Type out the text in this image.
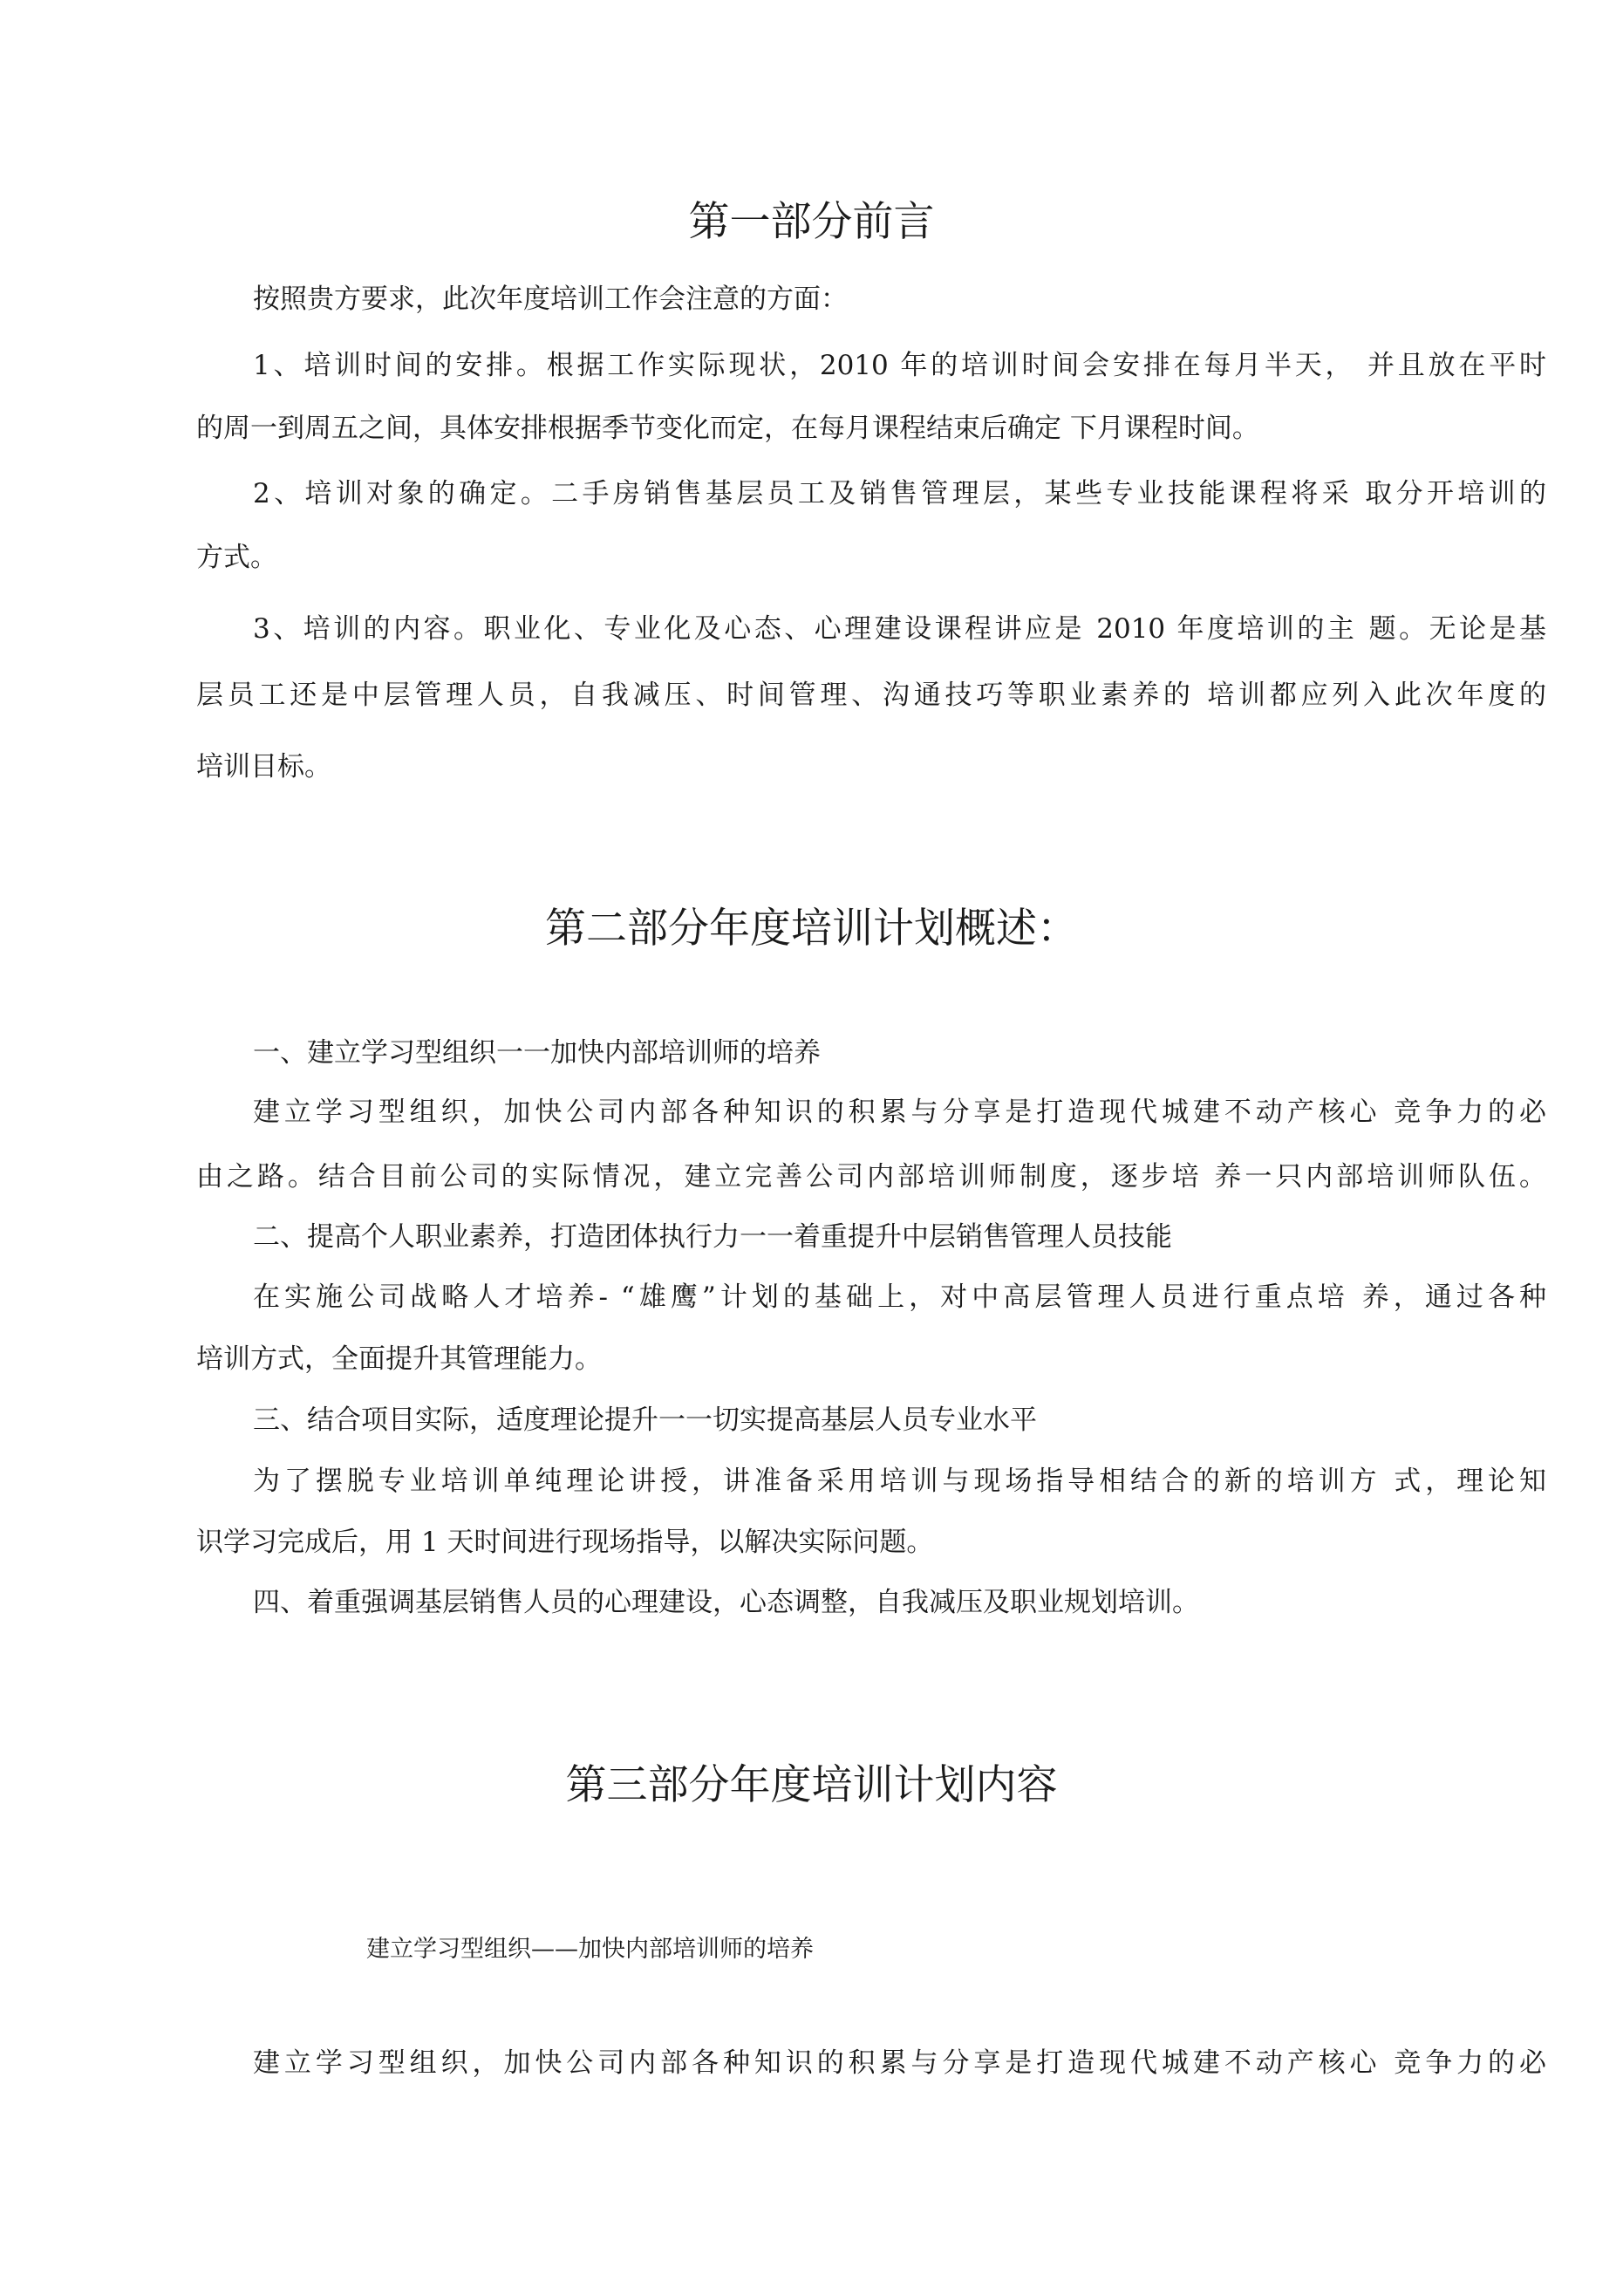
第一部分前言

按照贵方要求，此次年度培训工作会注意的方面：

1、培训时间的安排。根据工作实际现状，2010 年的培训时间会安排在每月半天， 并且放在平时

的周一到周五之间，具体安排根据季节变化而定，在每月课程结束后确定 下月课程时间。

2、培训对象的确定。二手房销售基层员工及销售管理层，某些专业技能课程将采 取分开培训的

方式。

3、培训的内容。职业化、专业化及心态、心理建设课程讲应是 2010 年度培训的主 题。无论是基

层员工还是中层管理人员，自我减压、时间管理、沟通技巧等职业素养的 培训都应列入此次年度的

培训目标。

第二部分年度培训计划概述：

一、建立学习型组织一一加快内部培训师的培养

建立学习型组织，加快公司内部各种知识的积累与分享是打造现代城建不动产核心 竞争力的必

由之路。结合目前公司的实际情况，建立完善公司内部培训师制度，逐步培 养一只内部培训师队伍。

二、提高个人职业素养，打造团体执行力一一着重提升中层销售管理人员技能

在实施公司战略人才培养- “雄鹰”计划的基础上，对中高层管理人员进行重点培 养，通过各种

培训方式，全面提升其管理能力。

三、结合项目实际，适度理论提升一一切实提高基层人员专业水平

为了摆脱专业培训单纯理论讲授，讲准备采用培训与现场指导相结合的新的培训方 式，理论知

识学习完成后，用 1 天时间进行现场指导，以解决实际问题。

四、着重强调基层销售人员的心理建设，心态调整，自我减压及职业规划培训。

第三部分年度培训计划内容

建立学习型组织——加快内部培训师的培养

建立学习型组织，加快公司内部各种知识的积累与分享是打造现代城建不动产核心 竞争力的必
